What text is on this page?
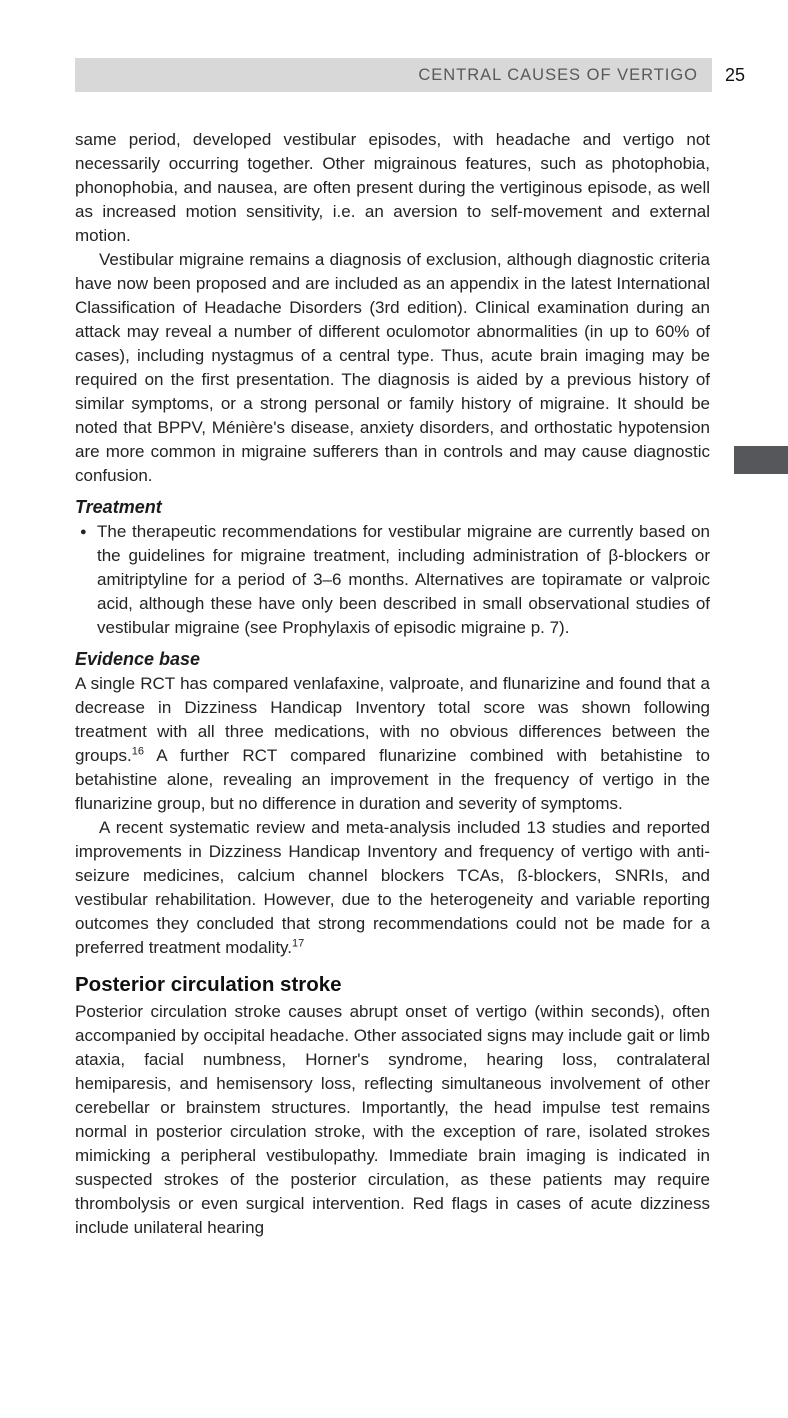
CENTRAL CAUSES OF VERTIGO 25

same period, developed vestibular episodes, with headache and vertigo not necessarily occurring together. Other migrainous features, such as photophobia, phonophobia, and nausea, are often present during the vertiginous episode, as well as increased motion sensitivity, i.e. an aversion to self-movement and external motion.

Vestibular migraine remains a diagnosis of exclusion, although diagnostic criteria have now been proposed and are included as an appendix in the latest International Classification of Headache Disorders (3rd edition). Clinical examination during an attack may reveal a number of different oculomotor abnormalities (in up to 60% of cases), including nystagmus of a central type. Thus, acute brain imaging may be required on the first presentation. The diagnosis is aided by a previous history of similar symptoms, or a strong personal or family history of migraine. It should be noted that BPPV, Ménière's disease, anxiety disorders, and orthostatic hypotension are more common in migraine sufferers than in controls and may cause diagnostic confusion.

Treatment
● The therapeutic recommendations for vestibular migraine are currently based on the guidelines for migraine treatment, including administration of β-blockers or amitriptyline for a period of 3–6 months. Alternatives are topiramate or valproic acid, although these have only been described in small observational studies of vestibular migraine (see Prophylaxis of episodic migraine p. 7).
Evidence base

A single RCT has compared venlafaxine, valproate, and flunarizine and found that a decrease in Dizziness Handicap Inventory total score was shown following treatment with all three medications, with no obvious differences between the groups.$^{16}$ A further RCT compared flunarizine combined with betahistine to betahistine alone, revealing an improvement in the frequency of vertigo in the flunarizine group, but no difference in duration and severity of symptoms.

A recent systematic review and meta-analysis included 13 studies and reported improvements in Dizziness Handicap Inventory and frequency of vertigo with anti-seizure medicines, calcium channel blockers TCAs, ß-blockers, SNRIs, and vestibular rehabilitation. However, due to the heterogeneity and variable reporting outcomes they concluded that strong recommendations could not be made for a preferred treatment modality.$^{17}$

Posterior circulation stroke

Posterior circulation stroke causes abrupt onset of vertigo (within seconds), often accompanied by occipital headache. Other associated signs may include gait or limb ataxia, facial numbness, Horner's syndrome, hearing loss, contralateral hemiparesis, and hemisensory loss, reflecting simultaneous involvement of other cerebellar or brainstem structures. Importantly, the head impulse test remains normal in posterior circulation stroke, with the exception of rare, isolated strokes mimicking a peripheral vestibulopathy. Immediate brain imaging is indicated in suspected strokes of the posterior circulation, as these patients may require thrombolysis or even surgical intervention. Red flags in cases of acute dizziness include unilateral hearing
